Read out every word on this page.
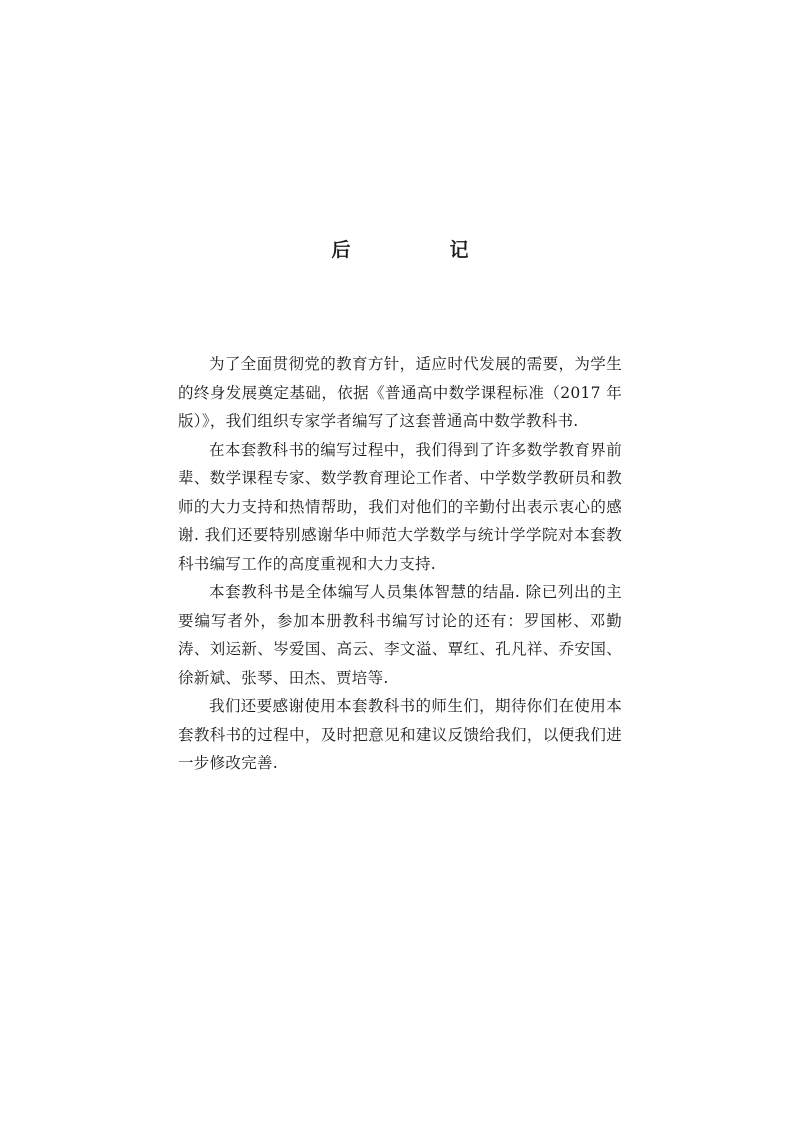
后　记

为了全面贯彻党的教育方针，适应时代发展的需要，为学生的终身发展奠定基础，依据《普通高中数学课程标准（2017 年版）》，我们组织专家学者编写了这套普通高中数学教科书.

在本套教科书的编写过程中，我们得到了许多数学教育界前辈、数学课程专家、数学教育理论工作者、中学数学教研员和教师的大力支持和热情帮助，我们对他们的辛勤付出表示衷心的感谢. 我们还要特别感谢华中师范大学数学与统计学学院对本套教科书编写工作的高度重视和大力支持.

本套教科书是全体编写人员集体智慧的结晶. 除已列出的主要编写者外，参加本册教科书编写讨论的还有：罗国彬、邓勤涛、刘运新、岑爱国、高云、李文溢、覃红、孔凡祥、乔安国、徐新斌、张琴、田杰、贾培等.

我们还要感谢使用本套教科书的师生们，期待你们在使用本套教科书的过程中，及时把意见和建议反馈给我们，以便我们进一步修改完善.
